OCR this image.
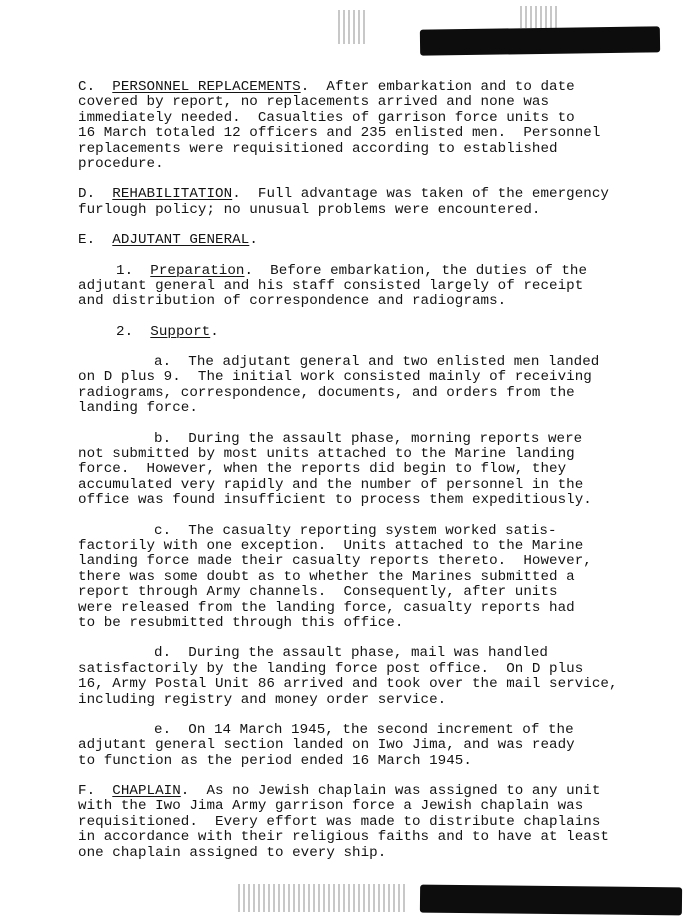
C. PERSONNEL REPLACEMENTS.  After embarkation and to date
covered by report, no replacements arrived and none was
immediately needed.  Casualties of garrison force units to
16 March totaled 12 officers and 235 enlisted men.  Personnel
replacements were requisitioned according to established
procedure.
D. REHABILITATION.  Full advantage was taken of the emergency
furlough policy; no unusual problems were encountered.
E. ADJUTANT GENERAL.
1. Preparation.  Before embarkation, the duties of the
adjutant general and his staff consisted largely of receipt
and distribution of correspondence and radiograms.
2. Support.
a. The adjutant general and two enlisted men landed
on D plus 9.  The initial work consisted mainly of receiving
radiograms, correspondence, documents, and orders from the
landing force.
b. During the assault phase, morning reports were
not submitted by most units attached to the Marine landing
force.  However, when the reports did begin to flow, they
accumulated very rapidly and the number of personnel in the
office was found insufficient to process them expeditiously.
c. The casualty reporting system worked satis-
factorily with one exception.  Units attached to the Marine
landing force made their casualty reports thereto.  However,
there was some doubt as to whether the Marines submitted a
report through Army channels.  Consequently, after units
were released from the landing force, casualty reports had
to be resubmitted through this office.
d. During the assault phase, mail was handled
satisfactorily by the landing force post office.  On D plus
16, Army Postal Unit 86 arrived and took over the mail service,
including registry and money order service.
e. On 14 March 1945, the second increment of the
adjutant general section landed on Iwo Jima, and was ready
to function as the period ended 16 March 1945.
F. CHAPLAIN.  As no Jewish chaplain was assigned to any unit
with the Iwo Jima Army garrison force a Jewish chaplain was
requisitioned.  Every effort was made to distribute chaplains
in accordance with their religious faiths and to have at least
one chaplain assigned to every ship.
